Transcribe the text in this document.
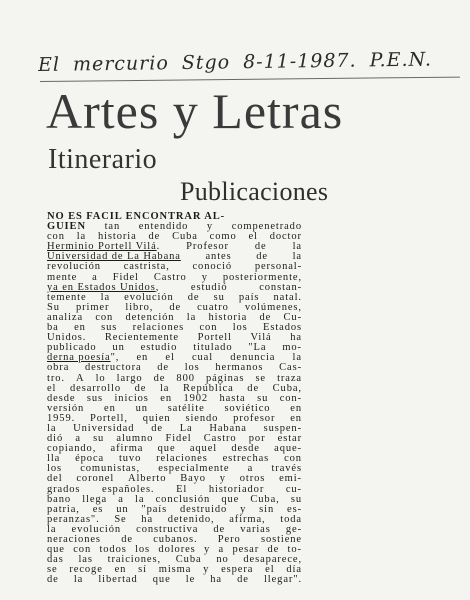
El mercurio Stgo 8-11-1987. P.E.N.
Artes y Letras
Itinerario
Publicaciones
NO ES FACIL ENCONTRAR AL-
GUIEN tan entendido y compenetrado
con la historia de Cuba como el doctor
Herminio Portell Vilá. Profesor de la
Universidad de La Habana antes de la
revolución castrista, conoció personal-
mente a Fidel Castro y posteriormente,
ya en Estados Unidos,	estudió	constan-
temente la evolución de su país natal.
Su primer libro, de cuatro volúmenes,
analiza con detención la historia de Cu-
ba en sus relaciones con los Estados
Unidos. Recientemente Portell Vilá ha
publicado un estudio titulado "La mo-
derna poesía", en el cual denuncia la
obra destructora de los hermanos Cas-
tro. A lo largo de 800 páginas se traza
el desarrollo de la República de Cuba,
desde sus inicios en 1902 hasta su con-
versión en un satélite soviético en
1959. Portell, quien siendo profesor en
la Universidad de La Habana suspen-
dió a su alumno Fidel Castro por estar
copiando, afirma que aquel desde aque-
lla época tuvo relaciones estrechas con
los comunistas, especialmente a través
del coronel Alberto Bayo y otros emi-
grados españoles. El historiador cu-
bano llega a la conclusión que Cuba, su
patria, es un "país destruido y sin es-
peranzas". Se ha detenido, afirma, toda
la evolución constructiva de varias ge-
neraciones de cubanos. Pero sostiene
que con todos los dolores y a pesar de to-
das las traiciones, Cuba no desaparece,
se recoge en sí misma y espera el día
de la libertad que le ha de llegar".
